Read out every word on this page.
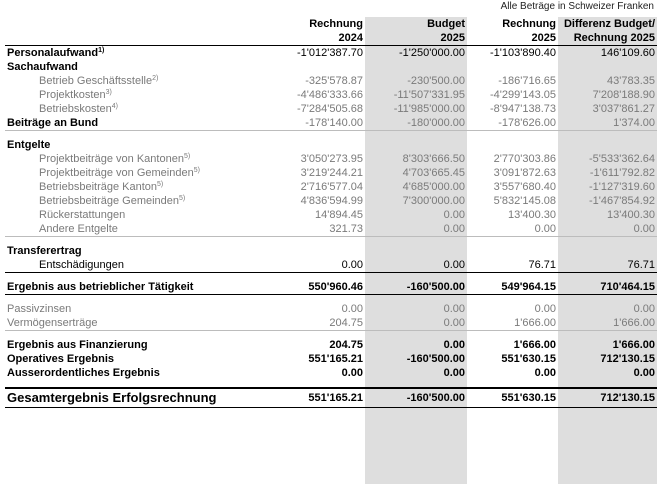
Alle Beträge in Schweizer Franken
	Rechnung	Budget	Rechnung	Differenz Budget/
	2024	2025	2025	Rechnung 2025
Personalaufwand$^{1)}$	-1'012'387.70	-1'250'000.00	-1'103'890.40	146'109.60
Sachaufwand				
Betrieb Geschäftsstelle$^{2)}$	-325'578.87	-230'500.00	-186'716.65	43'783.35
Projektkosten$^{3)}$	-4'486'333.66	-11'507'331.95	-4'299'143.05	7'208'188.90
Betriebskosten$^{4)}$	-7'284'505.68	-11'985'000.00	-8'947'138.73	3'037'861.27
Beiträge an Bund	-178'140.00	-180'000.00	-178'626.00	1'374.00

Entgelte				
Projektbeiträge von Kantonen$^{5)}$	3'050'273.95	8'303'666.50	2'770'303.86	-5'533'362.64
Projektbeiträge von Gemeinden$^{5)}$	3'219'244.21	4'703'665.45	3'091'872.63	-1'611'792.82
Betriebsbeiträge Kanton$^{5)}$	2'716'577.04	4'685'000.00	3'557'680.40	-1'127'319.60
Betriebsbeiträge Gemeinden$^{5)}$	4'836'594.99	7'300'000.00	5'832'145.08	-1'467'854.92
Rückerstattungen	14'894.45	0.00	13'400.30	13'400.30
Andere Entgelte	321.73	0.00	0.00	0.00

Transferertrag				
Entschädigungen	0.00	0.00	76.71	76.71

Ergebnis aus betrieblicher Tätigkeit	550'960.46	-160'500.00	549'964.15	710'464.15

Passivzinsen	0.00	0.00	0.00	0.00
Vermögenserträge	204.75	0.00	1'666.00	1'666.00

Ergebnis aus Finanzierung	204.75	0.00	1'666.00	1'666.00
Operatives Ergebnis	551'165.21	-160'500.00	551'630.15	712'130.15
Ausserordentliches Ergebnis	0.00	0.00	0.00	0.00

Gesamtergebnis Erfolgsrechnung	551'165.21	-160'500.00	551'630.15	712'130.15
